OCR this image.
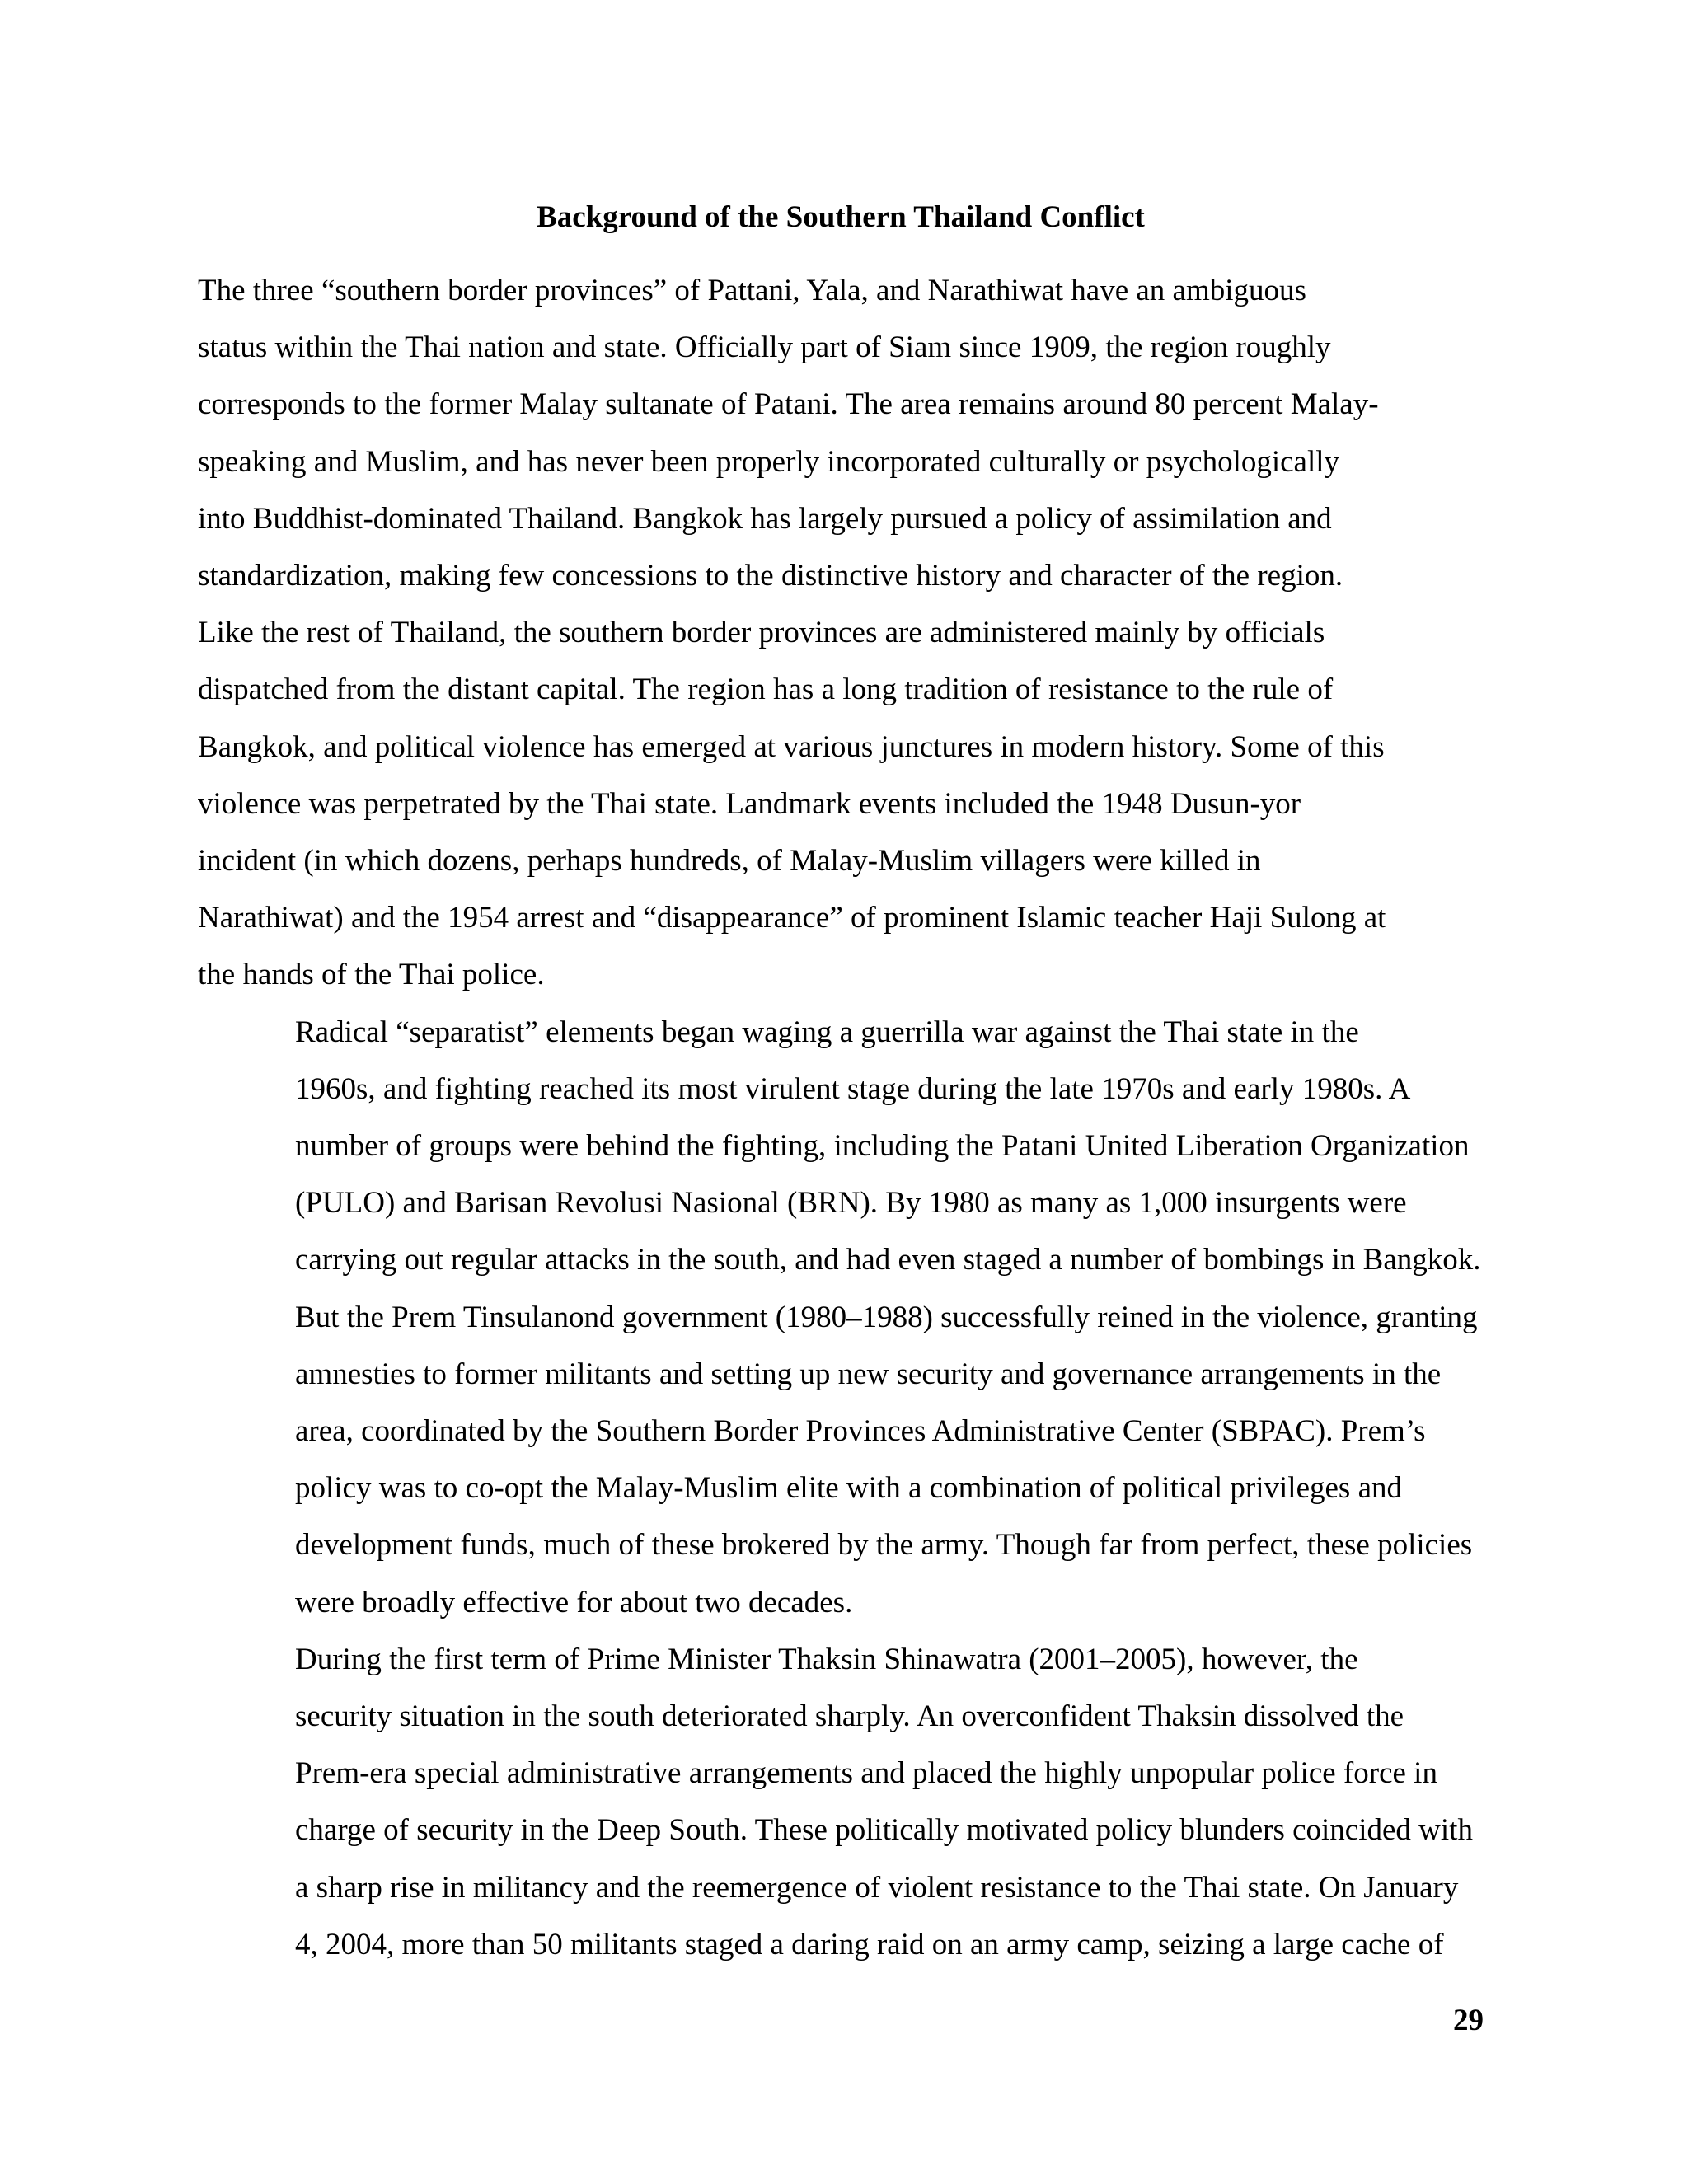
Background of the Southern Thailand Conflict

The three “southern border provinces” of Pattani, Yala, and Narathiwat have an ambiguous
status within the Thai nation and state. Officially part of Siam since 1909, the region roughly
corresponds to the former Malay sultanate of Patani. The area remains around 80 percent Malay-
speaking and Muslim, and has never been properly incorporated culturally or psychologically
into Buddhist-dominated Thailand. Bangkok has largely pursued a policy of assimilation and
standardization, making few concessions to the distinctive history and character of the region.
Like the rest of Thailand, the southern border provinces are administered mainly by officials
dispatched from the distant capital. The region has a long tradition of resistance to the rule of
Bangkok, and political violence has emerged at various junctures in modern history. Some of this
violence was perpetrated by the Thai state. Landmark events included the 1948 Dusun-yor
incident (in which dozens, perhaps hundreds, of Malay-Muslim villagers were killed in
Narathiwat) and the 1954 arrest and “disappearance” of prominent Islamic teacher Haji Sulong at
the hands of the Thai police.

Radical “separatist” elements began waging a guerrilla war against the Thai state in the
1960s, and fighting reached its most virulent stage during the late 1970s and early 1980s. A
number of groups were behind the fighting, including the Patani United Liberation Organization
(PULO) and Barisan Revolusi Nasional (BRN). By 1980 as many as 1,000 insurgents were
carrying out regular attacks in the south, and had even staged a number of bombings in Bangkok.
But the Prem Tinsulanond government (1980–1988) successfully reined in the violence, granting
amnesties to former militants and setting up new security and governance arrangements in the
area, coordinated by the Southern Border Provinces Administrative Center (SBPAC). Prem’s
policy was to co-opt the Malay-Muslim elite with a combination of political privileges and
development funds, much of these brokered by the army. Though far from perfect, these policies
were broadly effective for about two decades.

During the first term of Prime Minister Thaksin Shinawatra (2001–2005), however, the
security situation in the south deteriorated sharply. An overconfident Thaksin dissolved the
Prem-era special administrative arrangements and placed the highly unpopular police force in
charge of security in the Deep South. These politically motivated policy blunders coincided with
a sharp rise in militancy and the reemergence of violent resistance to the Thai state. On January
4, 2004, more than 50 militants staged a daring raid on an army camp, seizing a large cache of

29
